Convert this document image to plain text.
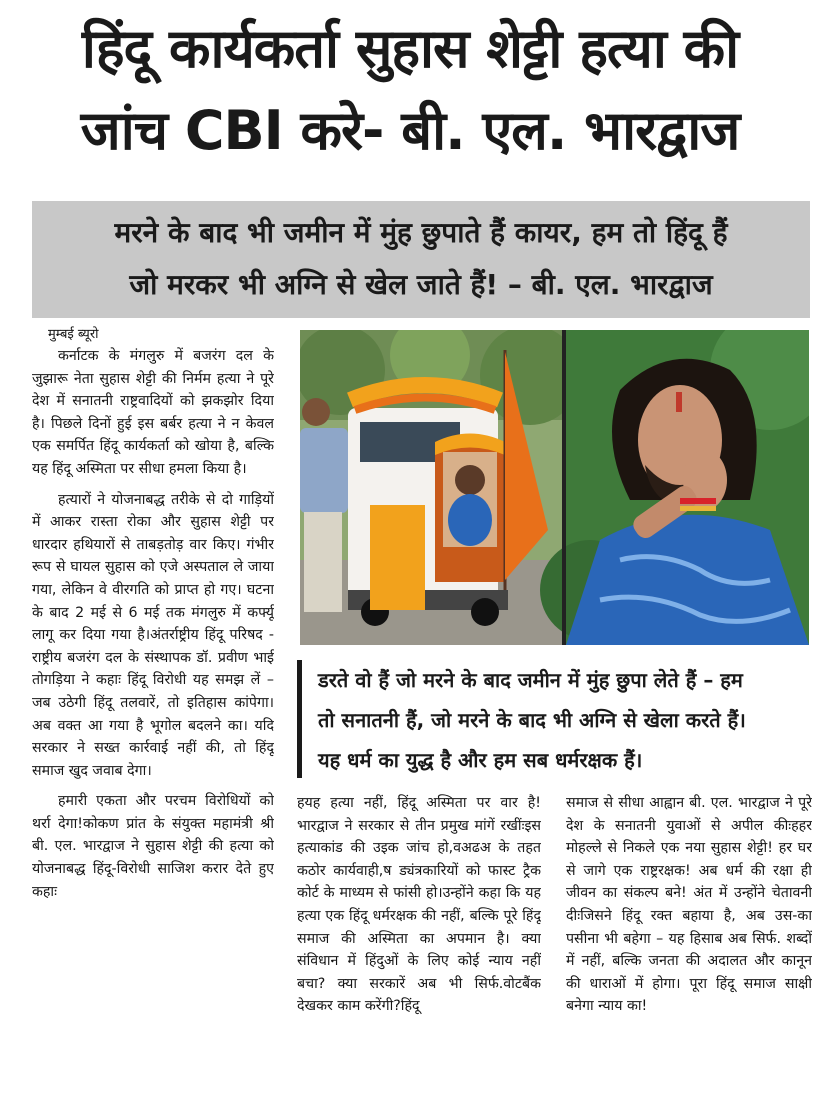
हिंदू कार्यकर्ता सुहास शेट्टी हत्या की
जांच CBI करे- बी. एल. भारद्वाज
मरने के बाद भी जमीन में मुंह छुपाते हैं कायर, हम तो हिंदू हैं
जो मरकर भी अग्नि से खेल जाते हैं! – बी. एल. भारद्वाज
मुम्बई ब्यूरो

कर्नाटक के मंगलुरु में बजरंग दल के जुझारू नेता सुहास शेट्टी की निर्मम हत्या ने पूरे देश में सनातनी राष्ट्रवादियों को झकझोर दिया है। पिछले दिनों हुई इस बर्बर हत्या ने न केवल एक समर्पित हिंदू कार्यकर्ता को खोया है, बल्कि यह हिंदू अस्मिता पर सीधा हमला किया है।

हत्यारों ने योजनाबद्ध तरीके से दो गाड़ियों में आकर रास्ता रोका और सुहास शेट्टी पर धारदार हथियारों से ताबड़तोड़ वार किए। गंभीर रूप से घायल सुहास को एजे अस्पताल ले जाया गया, लेकिन वे वीरगति को प्राप्त हो गए। घटना के बाद 2 मई से 6 मई तक मंगलुरु में कर्फ्यू लागू कर दिया गया है।अंतर्राष्ट्रीय हिंदू परिषद - राष्ट्रीय बजरंग दल के संस्थापक डॉ. प्रवीण भाई तोगड़िया ने कहाः हिंदू विरोधी यह समझ लें – जब उठेगी हिंदू तलवारें, तो इतिहास कांपेगा। अब वक्त आ गया है भूगोल बदलने का। यदि सरकार ने सख्त कार्रवाई नहीं की, तो हिंदू समाज खुद जवाब देगा।

हमारी एकता और परचम विरोधियों को थर्रा देगा!कोकण प्रांत के संयुक्त महामंत्री श्री बी. एल. भारद्वाज ने सुहास शेट्टी की हत्या को योजनाबद्ध हिंदू-विरोधी साजिश करार देते हुए कहाः

डरते वो हैं जो मरने के बाद जमीन में मुंह छुपा लेते हैं – हम
तो सनातनी हैं, जो मरने के बाद भी अग्नि से खेला करते हैं।
यह धर्म का युद्ध है और हम सब धर्मरक्षक हैं।

हयह हत्या नहीं, हिंदू अस्मिता पर वार है!भारद्वाज ने सरकार से तीन प्रमुख मांगें रखींःइस हत्याकांड की उइक जांच हो,वअढअ के तहत कठोर कार्यवाही,ष ड्यंत्रकारियों को फास्ट ट्रैक कोर्ट के माध्यम से फांसी हो।उन्होंने कहा कि यह हत्या एक हिंदू धर्मरक्षक की नहीं, बल्कि पूरे हिंदू समाज की अस्मिता का अपमान है। क्या संविधान में हिंदुओं के लिए कोई न्याय नहीं बचा? क्या सरकारें अब भी सिर्फ.वोटबैंक देखकर काम करेंगी?हिंदू

समाज से सीधा आह्वान बी. एल. भारद्वाज ने पूरे देश के सनातनी युवाओं से अपील कीःहहर मोहल्ले से निकले एक नया सुहास शेट्टी! हर घर से जागे एक राष्ट्ररक्षक! अब धर्म की रक्षा ही जीवन का संकल्प बने! अंत में उन्होंने चेतावनी दीःजिसने हिंदू रक्त बहाया है, अब उस-का पसीना भी बहेगा – यह हिसाब अब सिर्फ. शब्दों में नहीं, बल्कि जनता की अदालत और कानून की धाराओं में होगा। पूरा हिंदू समाज साक्षी बनेगा न्याय का!
